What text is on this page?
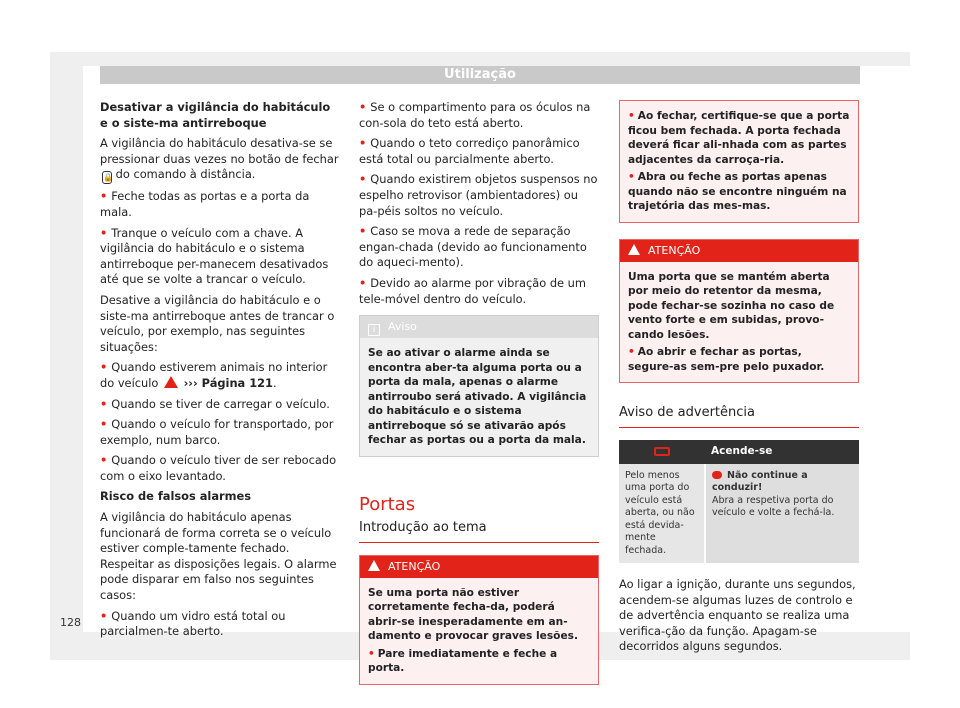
Utilização

Desativar a vigilância do habitáculo e o siste-ma antirreboque

A vigilância do habitáculo desativa-se se pressionar duas vezes no botão de fechar 🔒 do comando à distância.

• Feche todas as portas e a porta da mala.

• Tranque o veículo com a chave. A vigilância do habitáculo e o sistema antirreboque per-manecem desativados até que se volte a trancar o veículo.

Desative a vigilância do habitáculo e o siste-ma antirreboque antes de trancar o veículo, por exemplo, nas seguintes situações:

• Quando estiverem animais no interior do veículo ››› Página 121.

• Quando se tiver de carregar o veículo.

• Quando o veículo for transportado, por exemplo, num barco.

• Quando o veículo tiver de ser rebocado com o eixo levantado.

Risco de falsos alarmes

A vigilância do habitáculo apenas funcionará de forma correta se o veículo estiver comple-tamente fechado. Respeitar as disposições legais. O alarme pode disparar em falso nos seguintes casos:

• Quando um vidro está total ou parcialmen-te aberto.

• Se o compartimento para os óculos na con-sola do teto está aberto.

• Quando o teto corrediço panorâmico está total ou parcialmente aberto.

• Quando existirem objetos suspensos no espelho retrovisor (ambientadores) ou pa-péis soltos no veículo.

• Caso se mova a rede de separação engan-chada (devido ao funcionamento do aqueci-mento).

• Devido ao alarme por vibração de um tele-móvel dentro do veículo.

i Aviso
Se ao ativar o alarme ainda se encontra aber-ta alguma porta ou a porta da mala, apenas o alarme antirroubo será ativado. A vigilância do habitáculo e o sistema antirreboque só se ativarão após fechar as portas ou a porta da mala.
Portas
Introdução ao tema
ATENÇÃO
Se uma porta não estiver corretamente fecha-da, poderá abrir-se inesperadamente em an-damento e provocar graves lesões.
• Pare imediatamente e feche a porta.
• Ao fechar, certifique-se que a porta ficou bem fechada. A porta fechada deverá ficar ali-nhada com as partes adjacentes da carroça-ria.
• Abra ou feche as portas apenas quando não se encontre ninguém na trajetória das mes-mas.
ATENÇÃO
Uma porta que se mantém aberta por meio do retentor da mesma, pode fechar-se sozinha no caso de vento forte e em subidas, provo-cando lesões.
• Ao abrir e fechar as portas, segure-as sem-pre pelo puxador.
Aviso de advertência
	Acende-se
Pelo menos uma porta do veículo está aberta, ou não está devida-mente fechada.	Não continue a conduzir!
Abra a respetiva porta do veículo e volte a fechá-la.

Ao ligar a ignição, durante uns segundos, acendem-se algumas luzes de controlo e de advertência enquanto se realiza uma verifica-ção da função. Apagam-se decorridos alguns segundos.

128
